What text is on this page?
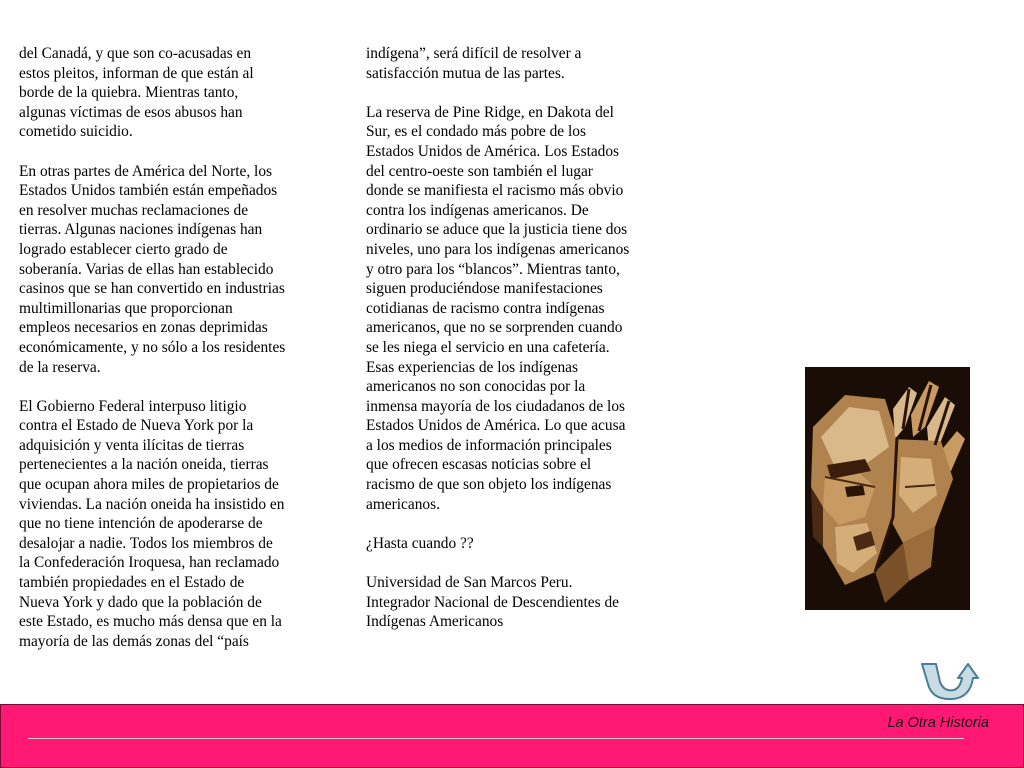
del Canadá, y que son co-acusadas en
estos pleitos, informan de que están al
borde de la quiebra. Mientras tanto,
algunas víctimas de esos abusos han
cometido suicidio.

En otras partes de América del Norte, los
Estados Unidos también están empeñados
en resolver muchas reclamaciones de
tierras. Algunas naciones indígenas han
logrado establecer cierto grado de
soberanía. Varias de ellas han establecido
casinos que se han convertido en industrias
multimillonarias que proporcionan
empleos necesarios en zonas deprimidas
económicamente, y no sólo a los residentes
de la reserva.

El Gobierno Federal interpuso litigio
contra el Estado de Nueva York por la
adquisición y venta ilícitas de tierras
pertenecientes a la nación oneida, tierras
que ocupan ahora miles de propietarios de
viviendas. La nación oneida ha insistido en
que no tiene intención de apoderarse de
desalojar a nadie. Todos los miembros de
la Confederación Iroquesa, han reclamado
también propiedades en el Estado de
Nueva York y dado que la población de
este Estado, es mucho más densa que en la
mayoría de las demás zonas del “país

indígena”, será difícil de resolver a
satisfacción mutua de las partes.

La reserva de Pine Ridge, en Dakota del
Sur, es el condado más pobre de los
Estados Unidos de América. Los Estados
del centro-oeste son también el lugar
donde se manifiesta el racismo más obvio
contra los indígenas americanos. De
ordinario se aduce que la justicia tiene dos
niveles, uno para los indígenas americanos
y otro para los “blancos”. Mientras tanto,
siguen produciéndose manifestaciones
cotidianas de racismo contra indígenas
americanos, que no se sorprenden cuando
se les niega el servicio en una cafetería.
Esas experiencias de los indígenas
americanos no son conocidas por la
inmensa mayoría de los ciudadanos de los
Estados Unidos de América. Lo que acusa
a los medios de información principales
que ofrecen escasas noticias sobre el
racismo de que son objeto los indígenas
americanos.

¿Hasta cuando ??

Universidad de San Marcos Peru.
Integrador Nacional de Descendientes de
Indígenas Americanos

La Otra Historia
